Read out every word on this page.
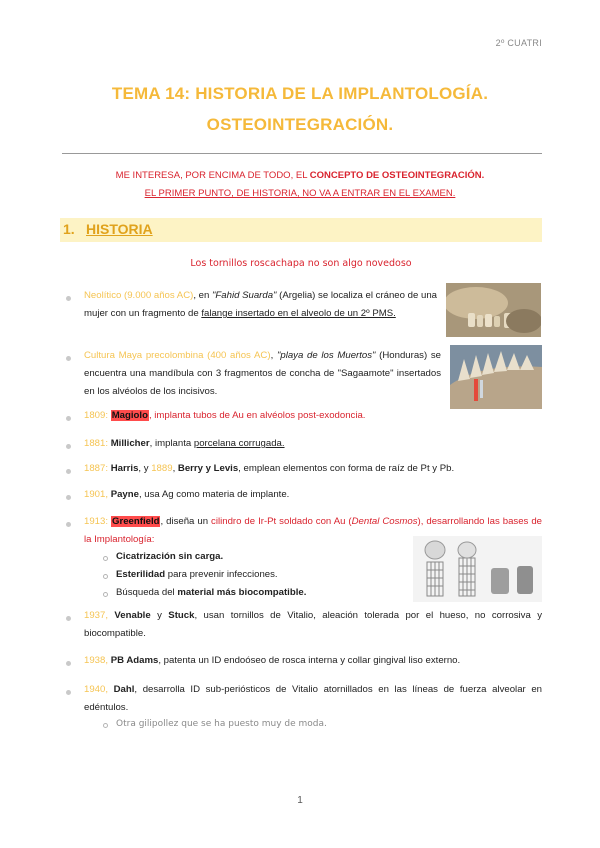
2º CUATRI
TEMA 14: HISTORIA DE LA IMPLANTOLOGÍA.
OSTEOINTEGRACIÓN.
ME INTERESA, POR ENCIMA DE TODO, EL CONCEPTO DE OSTEOINTEGRACIÓN.
EL PRIMER PUNTO, DE HISTORIA, NO VA A ENTRAR EN EL EXAMEN.
1. HISTORIA
Los tornillos roscachapa no son algo novedoso
Neolítico (9.000 años AC), en "Fahid Suarda" (Argelia) se localiza el cráneo de una mujer con un fragmento de falange insertado en el alveolo de un 2º PMS.
Cultura Maya precolombina (400 años AC), "playa de los Muertos" (Honduras) se encuentra una mandíbula con 3 fragmentos de concha de "Sagaamote" insertados en los alvéolos de los incisivos.
1809: Magiolo, implanta tubos de Au en alvéolos post-exodoncia.
1881: Millicher, implanta porcelana corrugada.
1887: Harris, y 1889, Berry y Levis, emplean elementos con forma de raíz de Pt y Pb.
1901, Payne, usa Ag como materia de implante.
1913: Greenfield, diseña un cilindro de Ir-Pt soldado con Au (Dental Cosmos), desarrollando las bases de la Implantología:
Cicatrización sin carga.
Esterilidad para prevenir infecciones.
Búsqueda del material más biocompatible.
1937, Venable y Stuck, usan tornillos de Vitalio, aleación tolerada por el hueso, no corrosiva y biocompatible.
1938, PB Adams, patenta un ID endoóseo de rosca interna y collar gingival liso externo.
1940, Dahl, desarrolla ID sub-periósticos de Vitalio atornillados en las líneas de fuerza alveolar en edéntulos.
Otra gilipollez que se ha puesto muy de moda.
1
